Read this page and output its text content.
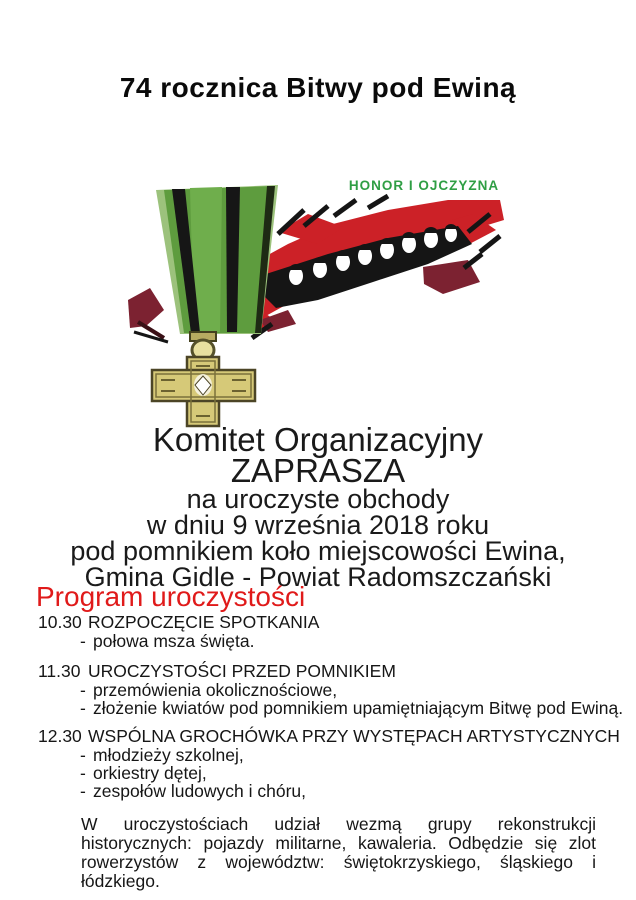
74 rocznica Bitwy pod Ewiną
HONOR I OJCZYZNA
Komitet Organizacyjny
ZAPRASZA
na uroczyste obchody
w dniu 9 września 2018 roku
pod pomnikiem koło miejscowości Ewina,
Gmina Gidle - Powiat Radomszczański
Program uroczystości
10.30 ROZPOCZĘCIE SPOTKANIA
- połowa msza święta.
11.30 UROCZYSTOŚCI PRZED POMNIKIEM
- przemówienia okolicznościowe,
- złożenie kwiatów pod pomnikiem upamiętniającym Bitwę pod Ewiną.
12.30 WSPÓLNA GROCHÓWKA PRZY WYSTĘPACH ARTYSTYCZNYCH
- młodzieży szkolnej,
- orkiestry dętej,
- zespołów ludowych i chóru,
W uroczystościach udział wezmą grupy rekonstrukcji historycznych: pojazdy militarne, kawaleria. Odbędzie się zlot rowerzystów z województw: świętokrzyskiego, śląskiego i łódzkiego.
